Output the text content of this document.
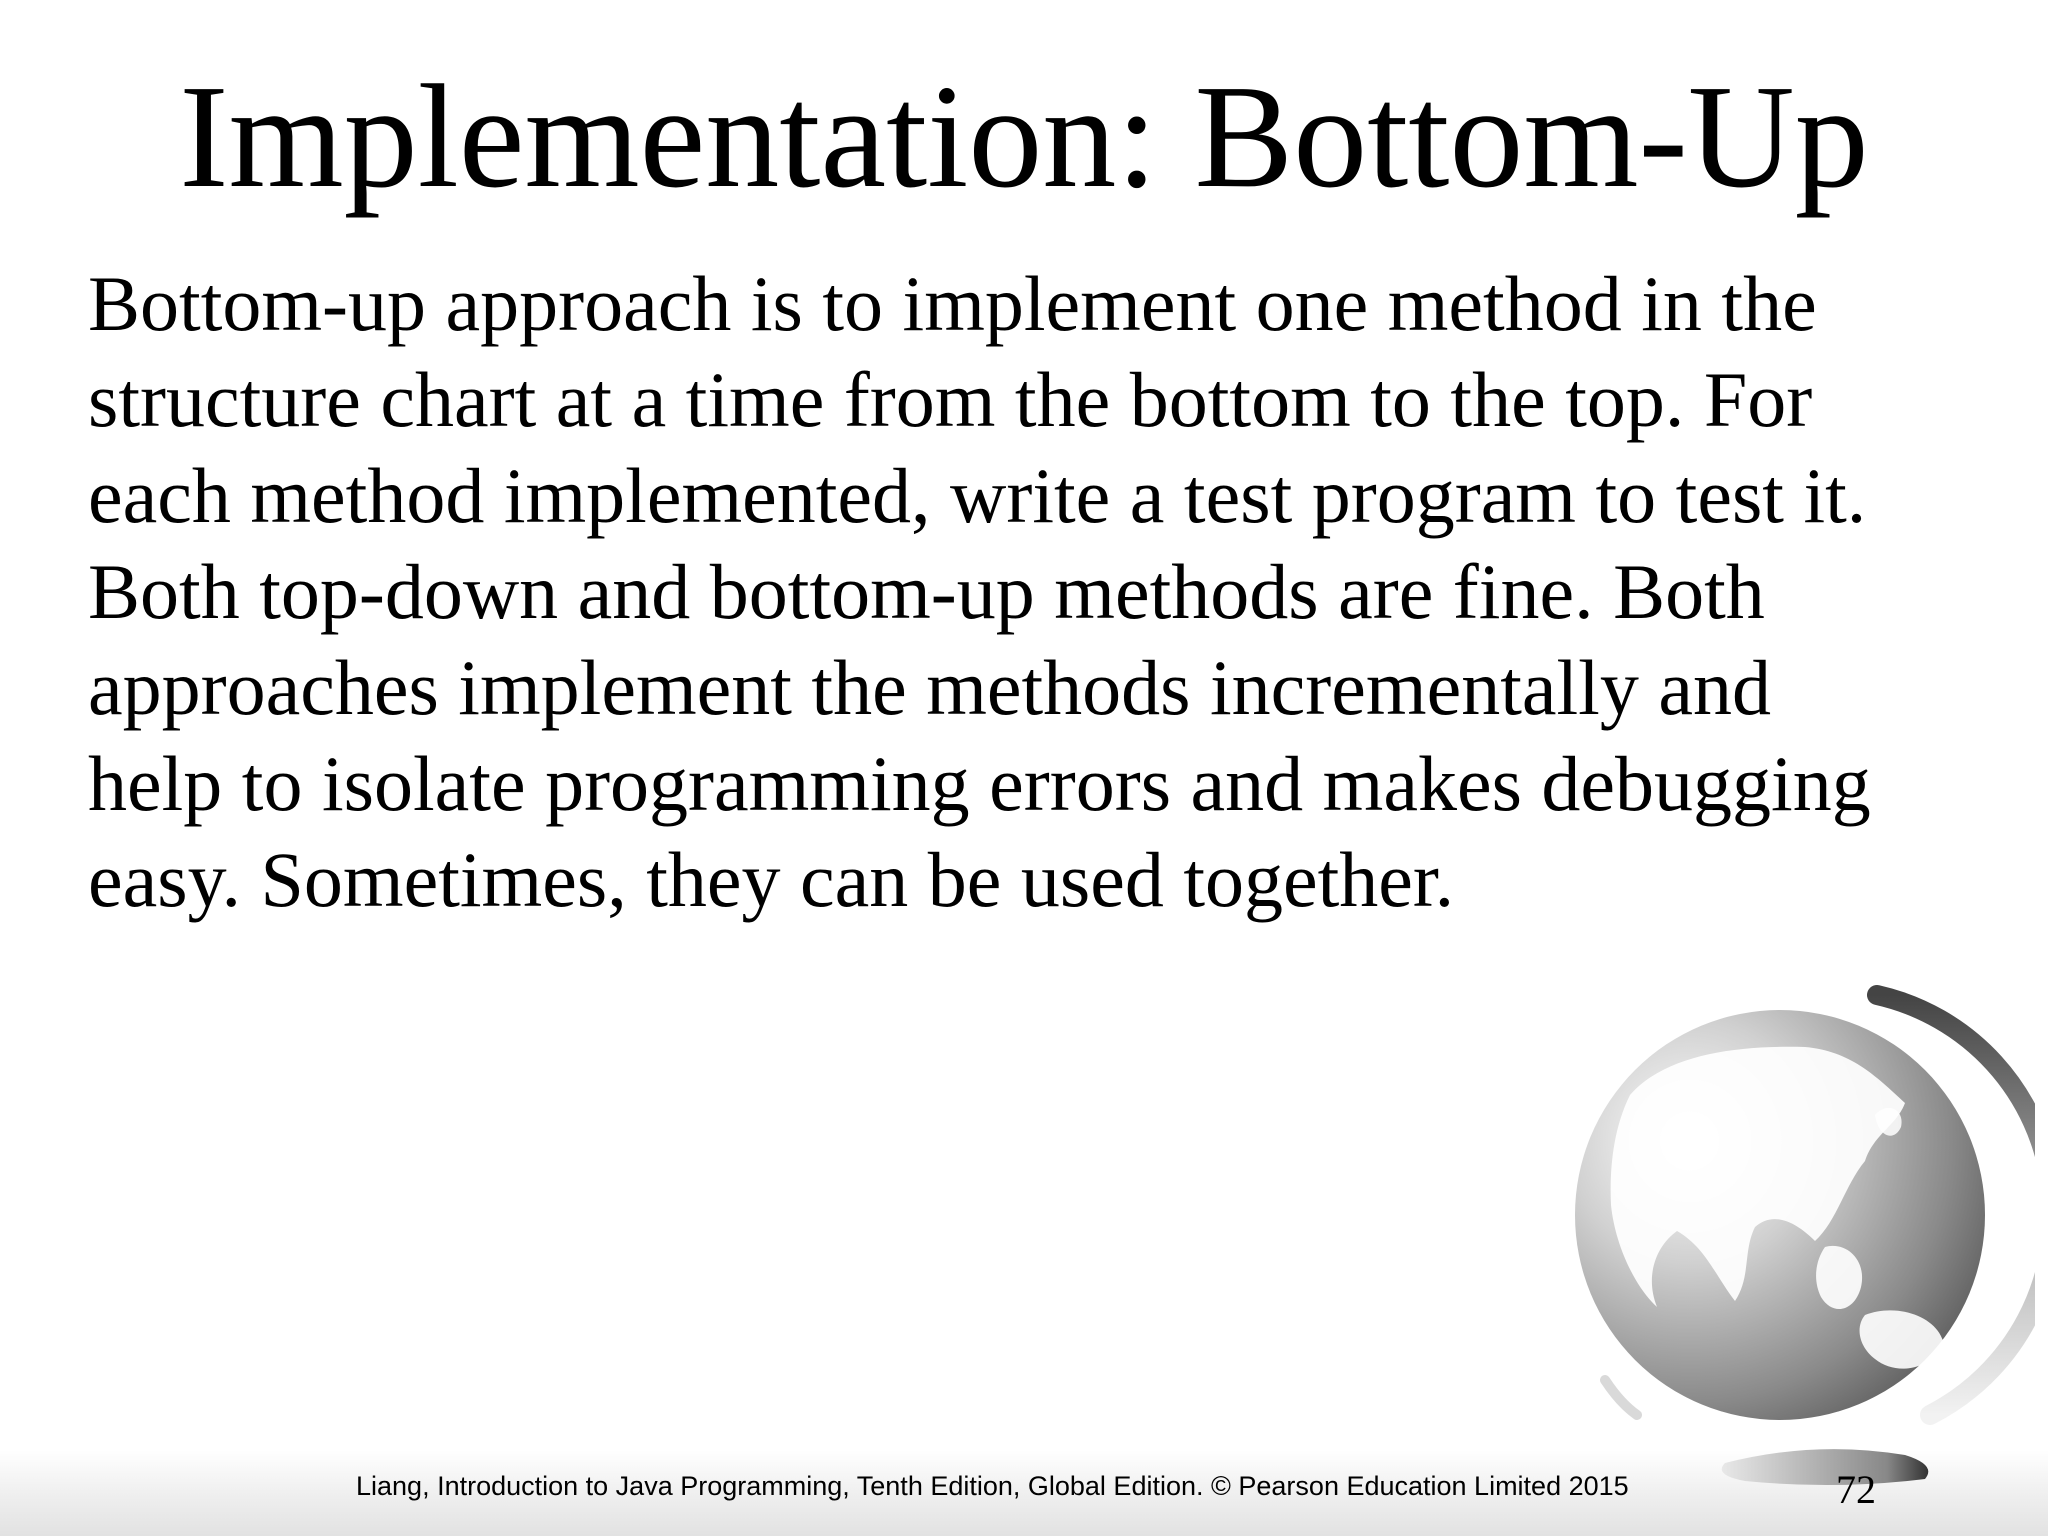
Implementation: Bottom-Up
Bottom-up approach is to implement one method in the
structure chart at a time from the bottom to the top. For
each method implemented, write a test program to test it.
Both top-down and bottom-up methods are fine. Both
approaches implement the methods incrementally and
help to isolate programming errors and makes debugging
easy. Sometimes, they can be used together.
Liang, Introduction to Java Programming, Tenth Edition, Global Edition. © Pearson Education Limited 2015	72
